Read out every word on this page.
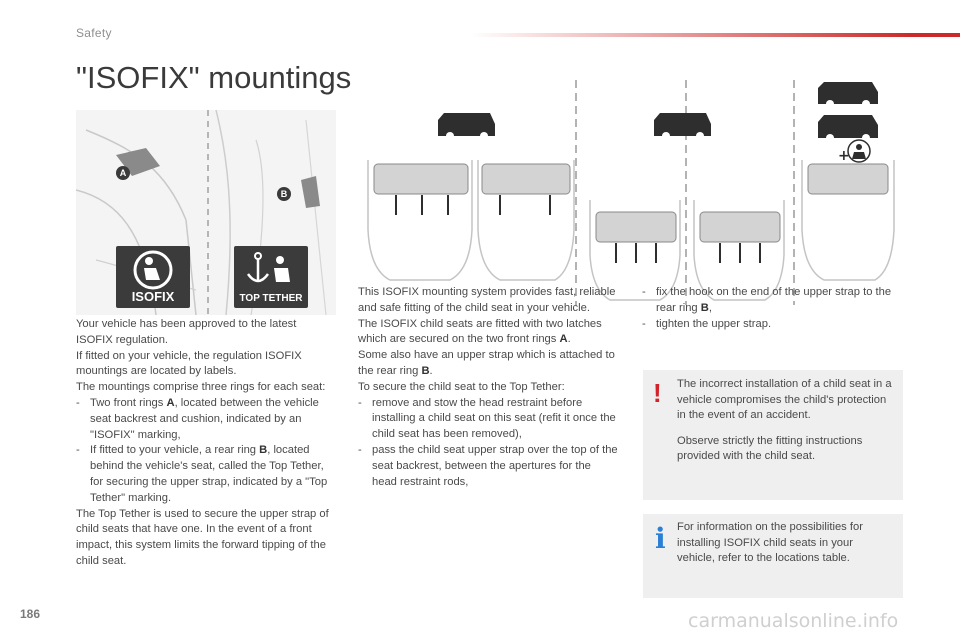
Safety
"ISOFIX" mountings
A
B
ISOFIX	TOP TETHER
+

Your vehicle has been approved to the latest ISOFIX regulation.

If fitted on your vehicle, the regulation ISOFIX mountings are located by labels.

The mountings comprise three rings for each seat:

- Two front rings A, located between the vehicle seat backrest and cushion, indicated by an "ISOFIX" marking,

- If fitted to your vehicle, a rear ring B, located behind the vehicle's seat, called the Top Tether, for securing the upper strap, indicated by a "Top Tether" marking.

The Top Tether is used to secure the upper strap of child seats that have one. In the event of a front impact, this system limits the forward tipping of the child seat.

This ISOFIX mounting system provides fast, reliable and safe fitting of the child seat in your vehicle.

The ISOFIX child seats are fitted with two latches which are secured on the two front rings A.

Some also have an upper strap which is attached to the rear ring B.

To secure the child seat to the Top Tether:

- remove and stow the head restraint before installing a child seat on this seat (refit it once the child seat has been removed),

- pass the child seat upper strap over the top of the seat backrest, between the apertures for the head restraint rods,

- fix the hook on the end of the upper strap to the rear ring B,

- tighten the upper strap.

! The incorrect installation of a child seat in a vehicle compromises the child's protection in the event of an accident.

Observe strictly the fitting instructions provided with the child seat.

i For information on the possibilities for installing ISOFIX child seats in your vehicle, refer to the locations table.

186	carmanualsonline.info
